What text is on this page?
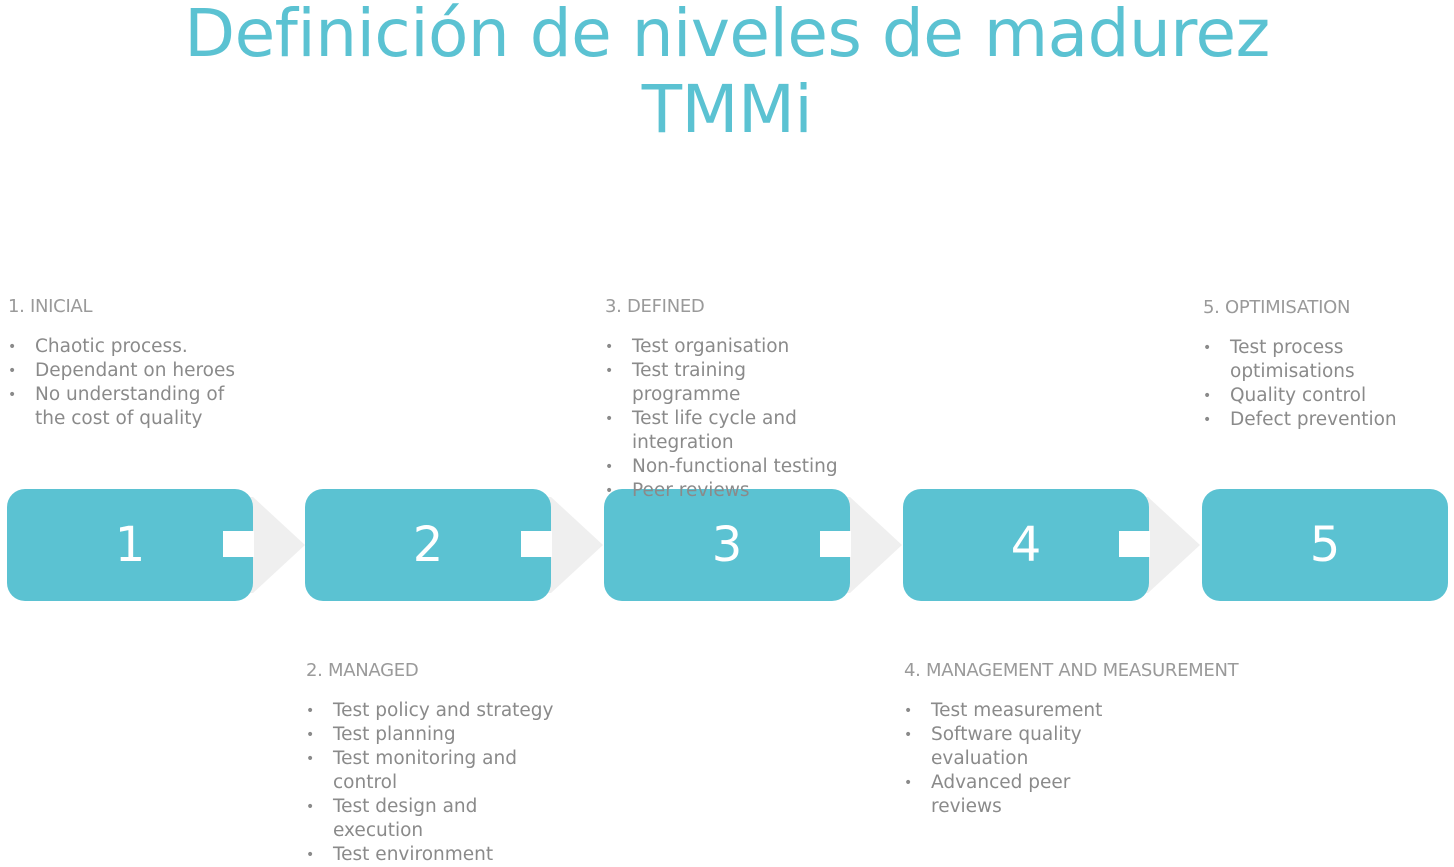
Definición de niveles de madurez
TMMi
1	2	3	4	5
1. INICIAL
• Chaotic process.
• Dependant on heroes
• No understanding of the cost of quality
3. DEFINED
• Test organisation
• Test training programme
• Test life cycle and integration
• Non-functional testing
• Peer reviews
5. OPTIMISATION
• Test process optimisations
• Quality control
• Defect prevention
2. MANAGED
• Test policy and strategy
• Test planning
• Test monitoring and control
• Test design and execution
• Test environment
4. MANAGEMENT AND MEASUREMENT
• Test measurement
• Software quality evaluation
• Advanced peer reviews
